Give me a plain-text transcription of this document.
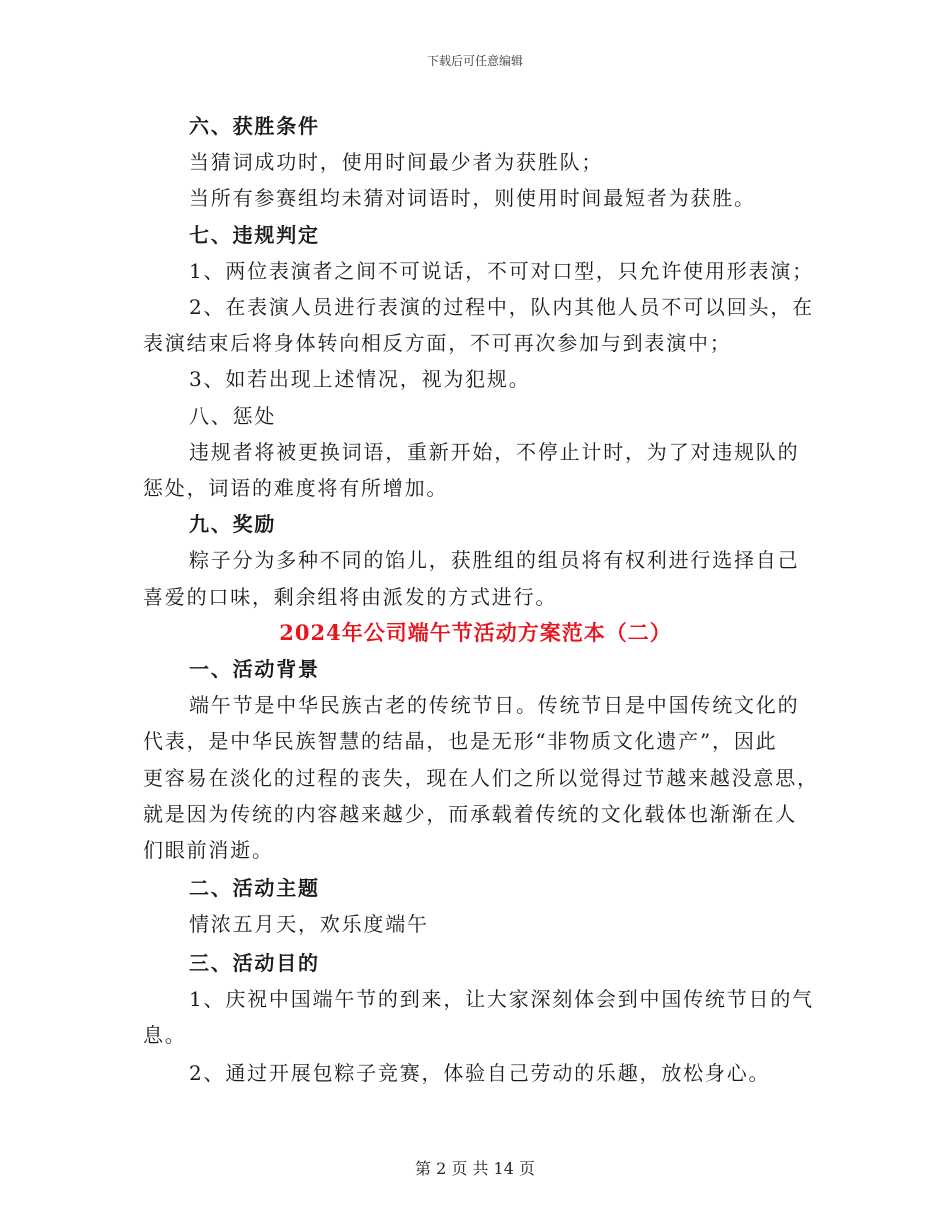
下载后可任意编辑
六、获胜条件
当猜词成功时，使用时间最少者为获胜队；
当所有参赛组均未猜对词语时，则使用时间最短者为获胜。
七、违规判定
1、两位表演者之间不可说话，不可对口型，只允许使用形表演；
2、在表演人员进行表演的过程中，队内其他人员不可以回头，在
表演结束后将身体转向相反方面，不可再次参加与到表演中；
3、如若出现上述情况，视为犯规。
八、惩处
违规者将被更换词语，重新开始，不停止计时，为了对违规队的
惩处，词语的难度将有所增加。
九、奖励
粽子分为多种不同的馅儿，获胜组的组员将有权利进行选择自己
喜爱的口味，剩余组将由派发的方式进行。
2024年公司端午节活动方案范本（二）
一、活动背景
端午节是中华民族古老的传统节日。传统节日是中国传统文化的
代表，是中华民族智慧的结晶，也是无形“非物质文化遗产”，因此
更容易在淡化的过程的丧失，现在人们之所以觉得过节越来越没意思，
就是因为传统的内容越来越少，而承载着传统的文化载体也渐渐在人
们眼前消逝。
二、活动主题
情浓五月天，欢乐度端午
三、活动目的
1、庆祝中国端午节的到来，让大家深刻体会到中国传统节日的气
息。
2、通过开展包粽子竞赛，体验自己劳动的乐趣，放松身心。
第 2 页 共 14 页
